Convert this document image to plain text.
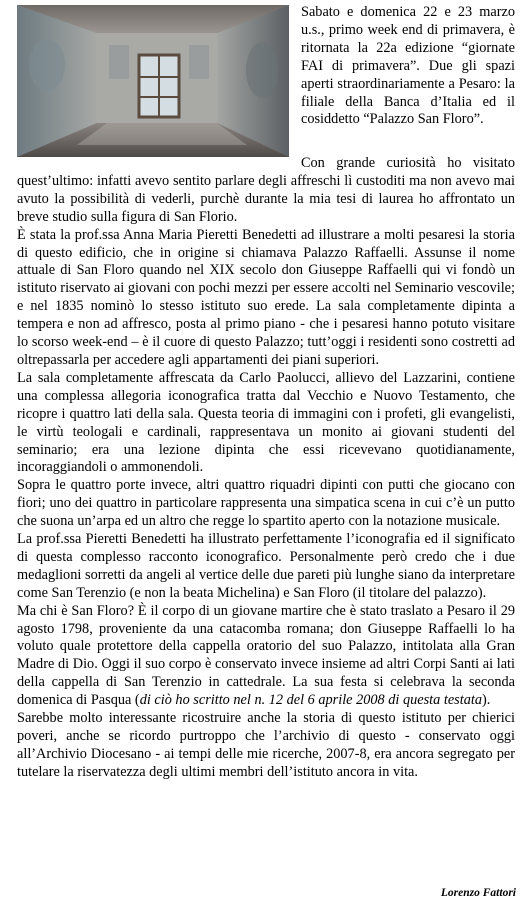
Sabato e domenica 22 e 23 marzo u.s., primo week end di primavera, è ritornata la 22a edizione “giornate FAI di primavera”. Due gli spazi aperti straordinariamente a Pesaro: la filiale della Banca d’Italia ed il cosiddetto “Palazzo San Floro”.

Con grande curiosità ho visitato quest’ultimo: infatti avevo sentito parlare degli affreschi lì custoditi ma non avevo mai avuto la possibilità di vederli, purchè durante la mia tesi di laurea ho affrontato un breve studio sulla figura di San Florio.

È stata la prof.ssa Anna Maria Pieretti Benedetti ad illustrare a molti pesaresi la storia di questo edificio, che in origine si chiamava Palazzo Raffaelli. Assunse il nome attuale di San Floro quando nel XIX secolo don Giuseppe Raffaelli qui vi fondò un istituto riservato ai giovani con pochi mezzi per essere accolti nel Seminario vescovile; e nel 1835 nominò lo stesso istituto suo erede. La sala completamente dipinta a tempera e non ad affresco, posta al primo piano - che i pesaresi hanno potuto visitare lo scorso week-end – è il cuore di questo Palazzo; tutt’oggi i residenti sono costretti ad oltrepassarla per accedere agli appartamenti dei piani superiori.

La sala completamente affrescata da Carlo Paolucci, allievo del Lazzarini, contiene una complessa allegoria iconografica tratta dal Vecchio e Nuovo Testamento, che ricopre i quattro lati della sala. Questa teoria di immagini con i profeti, gli evangelisti, le virtù teologali e cardinali, rappresentava un monito ai giovani studenti del seminario; era una lezione dipinta che essi ricevevano quotidianamente, incoraggiandoli o ammonendoli.

Sopra le quattro porte invece, altri quattro riquadri dipinti con putti che giocano con fiori; uno dei quattro in particolare rappresenta una simpatica scena in cui c’è un putto che suona un’arpa ed un altro che regge lo spartito aperto con la notazione musicale.

La prof.ssa Pieretti Benedetti ha illustrato perfettamente l’iconografia ed il significato di questa complesso racconto iconografico. Personalmente però credo che i due medaglioni sorretti da angeli al vertice delle due pareti più lunghe siano da interpretare come San Terenzio (e non la beata Michelina) e San Floro (il titolare del palazzo).

Ma chi è San Floro? È il corpo di un giovane martire che è stato traslato a Pesaro il 29 agosto 1798, proveniente da una catacomba romana; don Giuseppe Raffaelli lo ha voluto quale protettore della cappella oratorio del suo Palazzo, intitolata alla Gran Madre di Dio. Oggi il suo corpo è conservato invece insieme ad altri Corpi Santi ai lati della cappella di San Terenzio in cattedrale. La sua festa si celebrava la seconda domenica di Pasqua (di ciò ho scritto nel n. 12 del 6 aprile 2008 di questa testata).

Sarebbe molto interessante ricostruire anche la storia di questo istituto per chierici poveri, anche se ricordo purtroppo che l’archivio di questo - conservato oggi all’Archivio Diocesano - ai tempi delle mie ricerche, 2007-8, era ancora segregato per tutelare la riservatezza degli ultimi membri dell’istituto ancora in vita.

Lorenzo Fattori
